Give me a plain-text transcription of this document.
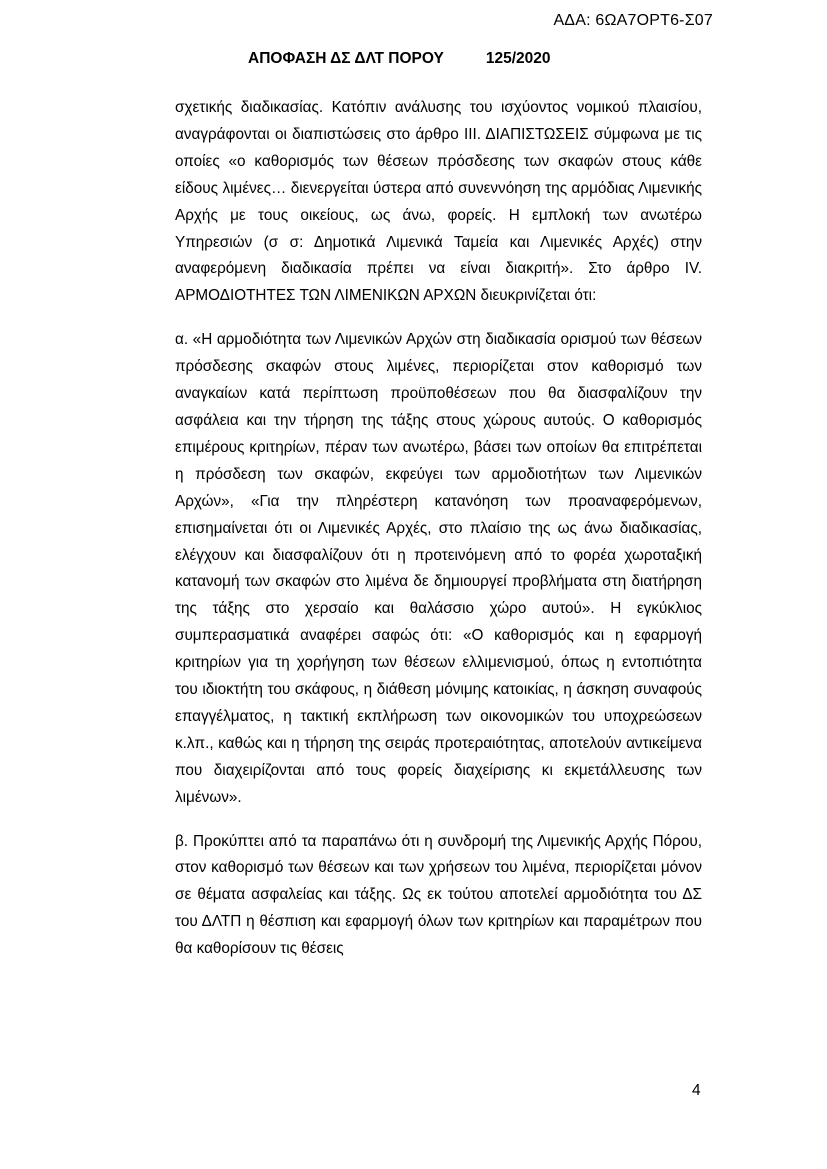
ΑΔΑ: 6ΩΑ7ΟΡΤ6-Σ07
ΑΠΟΦΑΣΗ ΔΣ ΔΛΤ ΠΟΡΟΥ	125/2020

σχετικής διαδικασίας. Κατόπιν ανάλυσης του ισχύοντος νομικού πλαισίου, αναγράφονται οι διαπιστώσεις στο άρθρο ΙΙΙ. ΔΙΑΠΙΣΤΩΣΕΙΣ σύμφωνα με τις οποίες «ο καθορισμός των θέσεων πρόσδεσης των σκαφών στους κάθε είδους λιμένες… διενεργείται ύστερα από συνεννόηση της αρμόδιας Λιμενικής Αρχής με τους οικείους, ως άνω, φορείς. Η εμπλοκή των ανωτέρω Υπηρεσιών (σ σ: Δημοτικά Λιμενικά Ταμεία και Λιμενικές Αρχές) στην αναφερόμενη διαδικασία πρέπει να είναι διακριτή». Στο άρθρο IV. ΑΡΜΟΔΙΟΤΗΤΕΣ ΤΩΝ ΛΙΜΕΝΙΚΩΝ ΑΡΧΩΝ διευκρινίζεται ότι:

α. «Η αρμοδιότητα των Λιμενικών Αρχών στη διαδικασία ορισμού των θέσεων πρόσδεσης σκαφών στους λιμένες, περιορίζεται στον καθορισμό των αναγκαίων κατά περίπτωση προϋποθέσεων που θα διασφαλίζουν την ασφάλεια και την τήρηση της τάξης στους χώρους αυτούς. Ο καθορισμός επιμέρους κριτηρίων, πέραν των ανωτέρω, βάσει των οποίων θα επιτρέπεται η πρόσδεση των σκαφών, εκφεύγει των αρμοδιοτήτων των Λιμενικών Αρχών», «Για την πληρέστερη κατανόηση των προαναφερόμενων, επισημαίνεται ότι οι Λιμενικές Αρχές, στο πλαίσιο της ως άνω διαδικασίας, ελέγχουν και διασφαλίζουν ότι η προτεινόμενη από το φορέα χωροταξική κατανομή των σκαφών στο λιμένα δε δημιουργεί προβλήματα στη διατήρηση της τάξης στο χερσαίο και θαλάσσιο χώρο αυτού». Η εγκύκλιος συμπερασματικά αναφέρει σαφώς ότι: «Ο καθορισμός και η εφαρμογή κριτηρίων για τη χορήγηση των θέσεων ελλιμενισμού, όπως η εντοπιότητα του ιδιοκτήτη του σκάφους, η διάθεση μόνιμης κατοικίας, η άσκηση συναφούς επαγγέλματος, η τακτική εκπλήρωση των οικονομικών του υποχρεώσεων κ.λπ., καθώς και η τήρηση της σειράς προτεραιότητας, αποτελούν αντικείμενα που διαχειρίζονται από τους φορείς διαχείρισης κι εκμετάλλευσης των λιμένων».

β. Προκύπτει από τα παραπάνω ότι η συνδρομή της Λιμενικής Αρχής Πόρου, στον καθορισμό των θέσεων και των χρήσεων του λιμένα, περιορίζεται μόνον σε θέματα ασφαλείας και τάξης. Ως εκ τούτου αποτελεί αρμοδιότητα του ΔΣ του ΔΛΤΠ η θέσπιση και εφαρμογή όλων των κριτηρίων και παραμέτρων που θα καθορίσουν τις θέσεις

4
